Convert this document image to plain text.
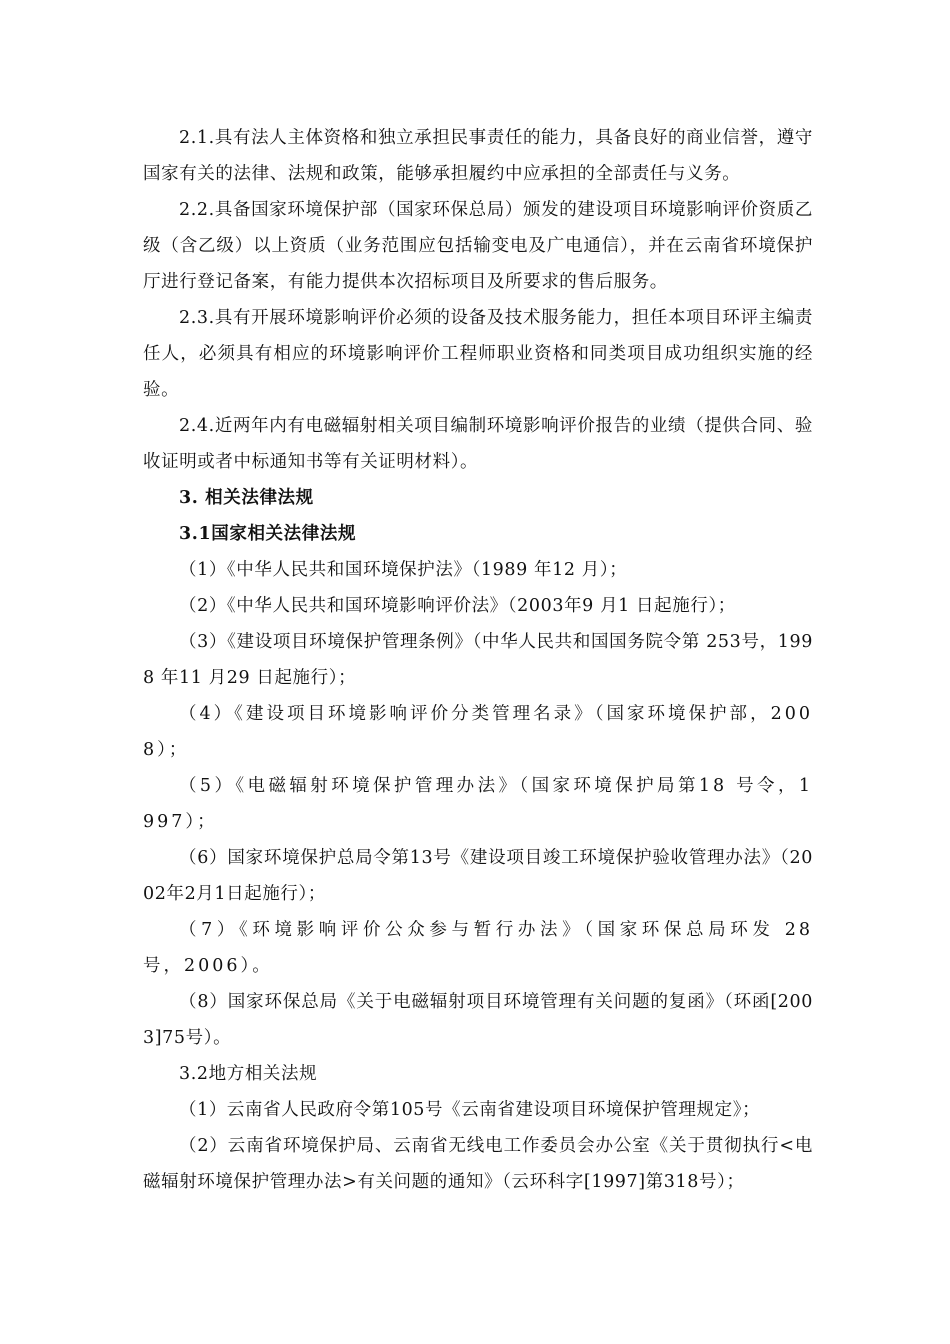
2.1.具有法人主体资格和独立承担民事责任的能力，具备良好的商业信誉，遵守国家有关的法律、法规和政策，能够承担履约中应承担的全部责任与义务。

2.2.具备国家环境保护部（国家环保总局）颁发的建设项目环境影响评价资质乙级（含乙级）以上资质（业务范围应包括输变电及广电通信），并在云南省环境保护厅进行登记备案，有能力提供本次招标项目及所要求的售后服务。

2.3.具有开展环境影响评价必须的设备及技术服务能力，担任本项目环评主编责任人，必须具有相应的环境影响评价工程师职业资格和同类项目成功组织实施的经验。

2.4.近两年内有电磁辐射相关项目编制环境影响评价报告的业绩（提供合同、验收证明或者中标通知书等有关证明材料）。

3. 相关法律法规

3.1国家相关法律法规

（1）《中华人民共和国环境保护法》（1989 年12 月）；

（2）《中华人民共和国环境影响评价法》（2003年9 月1 日起施行）；

（3）《建设项目环境保护管理条例》（中华人民共和国国务院令第 253号，1998 年11 月29 日起施行）；

（4）《建设项目环境影响评价分类管理名录》（国家环境保护部，2008）；

（5）《电磁辐射环境保护管理办法》（国家环境保护局第18 号令，1997）；

（6）国家环境保护总局令第13号《建设项目竣工环境保护验收管理办法》（2002年2月1日起施行）；

（7）《环境影响评价公众参与暂行办法》（国家环保总局环发 28 号，2006）。

（8）国家环保总局《关于电磁辐射项目环境管理有关问题的复函》（环函[2003]75号）。

3.2地方相关法规

（1）云南省人民政府令第105号《云南省建设项目环境保护管理规定》；

（2）云南省环境保护局、云南省无线电工作委员会办公室《关于贯彻执行<电磁辐射环境保护管理办法>有关问题的通知》（云环科字[1997]第318号）；
